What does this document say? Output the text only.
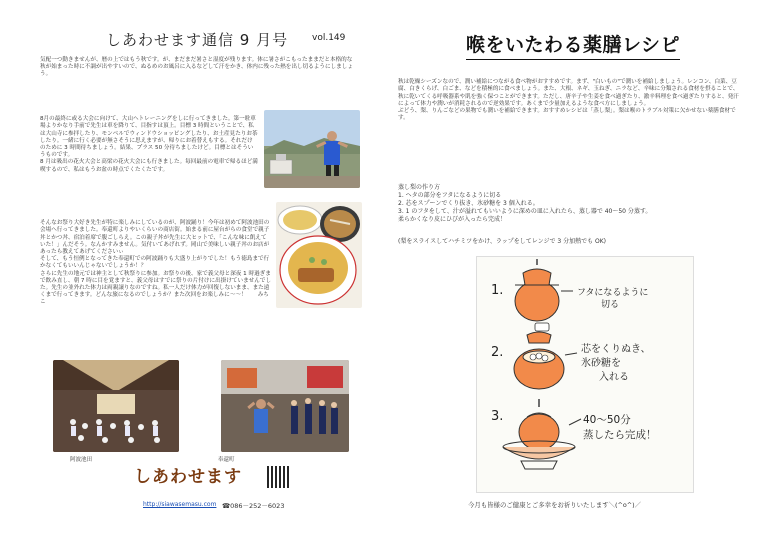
しあわせます通信 9 月号	vol.149

気配一つ動きませんが、暦の上ではもう秋です。が、まだまだ暑さと湿度が残ります。体に暑さがこもったままだと本格的な秋が始まった時に不調が出やすいので、ぬるめのお風呂に入るなどして汗をかき、体内に残った熱を出し切るようにしましょう。

8月の最終に或る大会に向けて、大山ヘトレーニングをしに行ってきました。第一駐車場よりかなり手前で先生は車を降りて、目指すは頂上。目標 3 時間ということで、私は大山寺に参拝したり、モンベルでウィンドウショッピングしたり、お土産見たりお茶したり。一緒に行く必要が無さそうに思えますが、帰りにお着替えもする。それだけのために 3 時間待ちましょう。結果、プラス 50 分待ちましたけど。目標とはそういうものです。
8 月は吸出の花火大会と高梁の花火大会にも行きました。毎回最前の電車で帰るほど満喫するので、私はもうお盆の時点でくたくたです。

そんなお祭り大好き先生が特に楽しみにしているのが、阿波踊り！今年は初めて阿波池田の会場へ行ってきました。奉還町よりやいくらいの商店街。始まる前に屋台がらの食堂で親子丼とかつ丼、宿泊着席で腹ごしらえ。この親子丼が先生に大ヒットで、「こんな味に飢えていた！」んだそう。なんかすみません。気付いてあげれず。岡山で美味しい親子丼のお店があったら教えてあげてくださいぃ
そして、もう恒例となってきた奉還町での阿波踊りも大盛り上がりでした！もう徳島まで行かなくてもいいんじゃないでしょうか！？
さらに先生の地元では神主として秋祭りに参加。お祭りの後、家で義父母と深夜 1 時過ぎまで飲み直し、朝 7 時に目を覚ますと、義父母はすでに祭りの片付けに出掛けていませんでした。先生の並外れた体力は両親譲りなのですね。私一人だけ体力が回復しないまま、また遠くまで行ってきます。どんな旅になるのでしょうか？また次回をお楽しみに～～！　　みちこ

阿波池田	奉還町
しあわせます
http://siawasemasu.com ☎086－252－6023
喉をいたわる薬膳レシピ

秋は乾燥シーズンなので、潤い補給につながる食べ物がおすすめです。まず、"白いもの"で潤いを補給しましょう。レンコン、白菜、豆腐、白きくらげ、白ごま、などを積極的に食べましょう。また、大根、ネギ、玉ねぎ、ニラなど、辛味に分類される食材を摂ることで、秋に乾いてくる呼吸器系や肌を強く保つことができます。ただし、唐辛子や生姜を食べ過ぎたり、激辛料理を食べ過ぎたりすると、発汗によって体力や潤いが消耗されるので逆効果です。あくまで少量加えるような食べ方にしましょう。
ぶどう、梨、りんごなどの果物でも潤いを補給できます。おすすめレシピは「蒸し梨」。梨は喉のトラブル対策に欠かせない薬膳食材です。

蒸し梨の作り方
1. ヘタの部分をフタになるように切る
2. 芯をスプーンでくり抜き、氷砂糖を 3 個入れる。
3. 1 のフタをして、汁が溢れてもいいように深めの皿に入れたら、蒸し器で 40～50 分蒸す。
柔らかくなり皮にひびが入ったら完成！
(梨をスライスしてハチミツをかけ、ラップをしてレンジで 3 分加熱でも OK)
1.	フタになるように
切る
2.	芯をくりぬき、
氷砂糖を
入れる
3.	40～50分
蒸したら完成！
今月も皆様のご健康とご多幸をお祈りいたします＼(^o^)／
